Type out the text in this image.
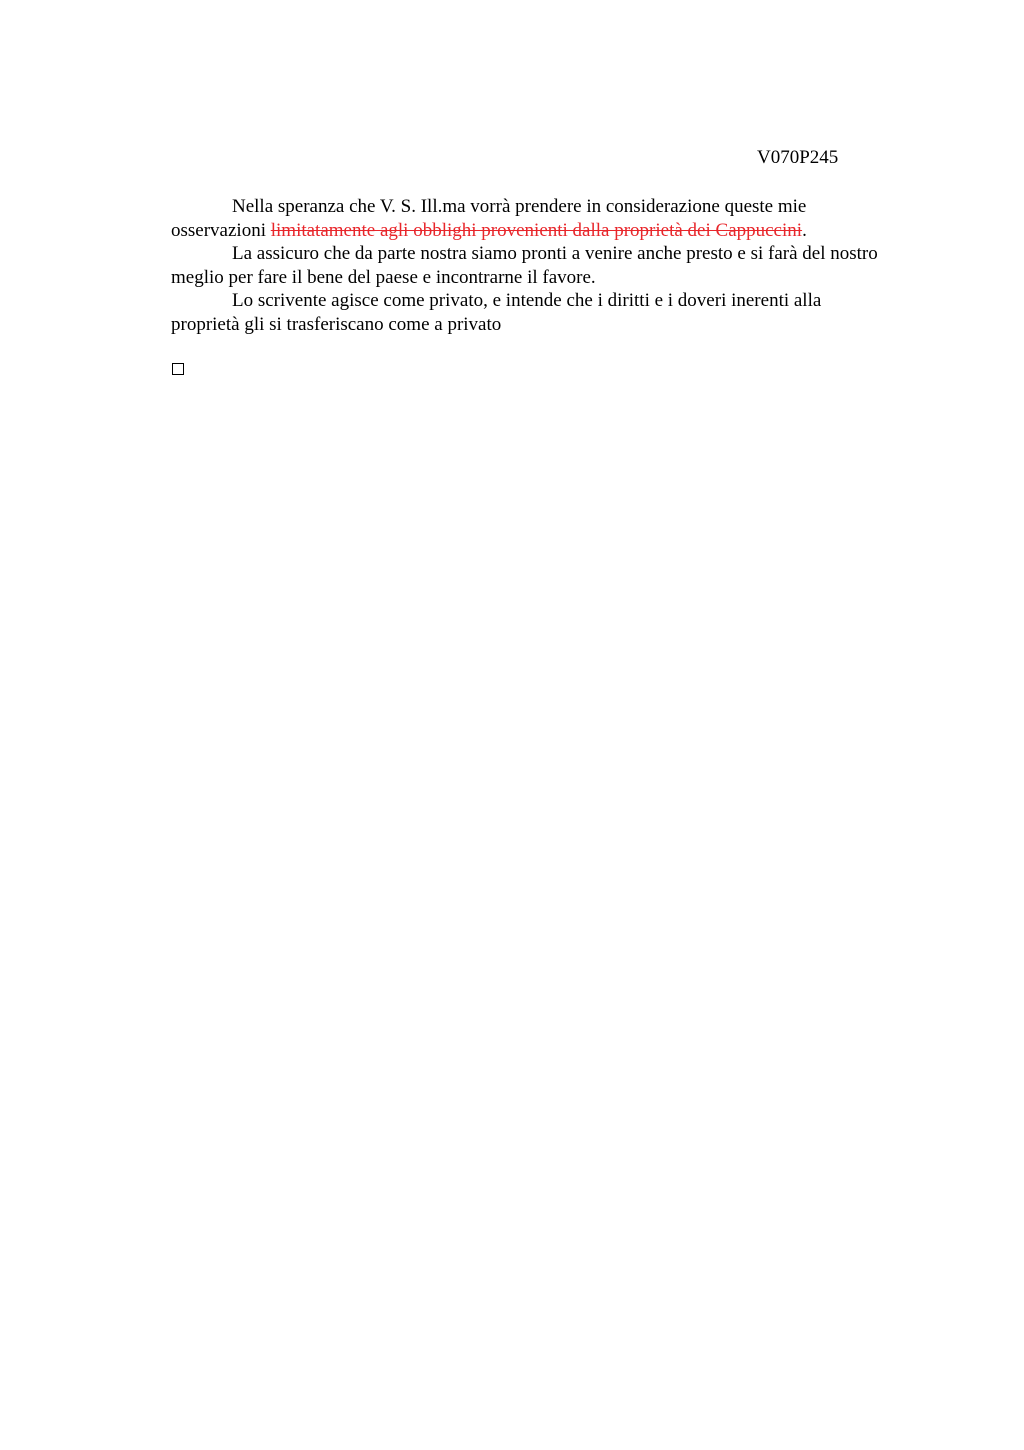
V070P245

Nella speranza che V. S. Ill.ma vorrà prendere in considerazione queste mie osservazioni limitatamente agli obblighi provenienti dalla proprietà dei Cappuccini.

La assicuro che da parte nostra siamo pronti a venire anche presto e si farà del nostro meglio per fare il bene del paese e incontrarne il favore.

Lo scrivente agisce come privato, e intende che i diritti e i doveri inerenti alla proprietà gli si trasferiscano come a privato
